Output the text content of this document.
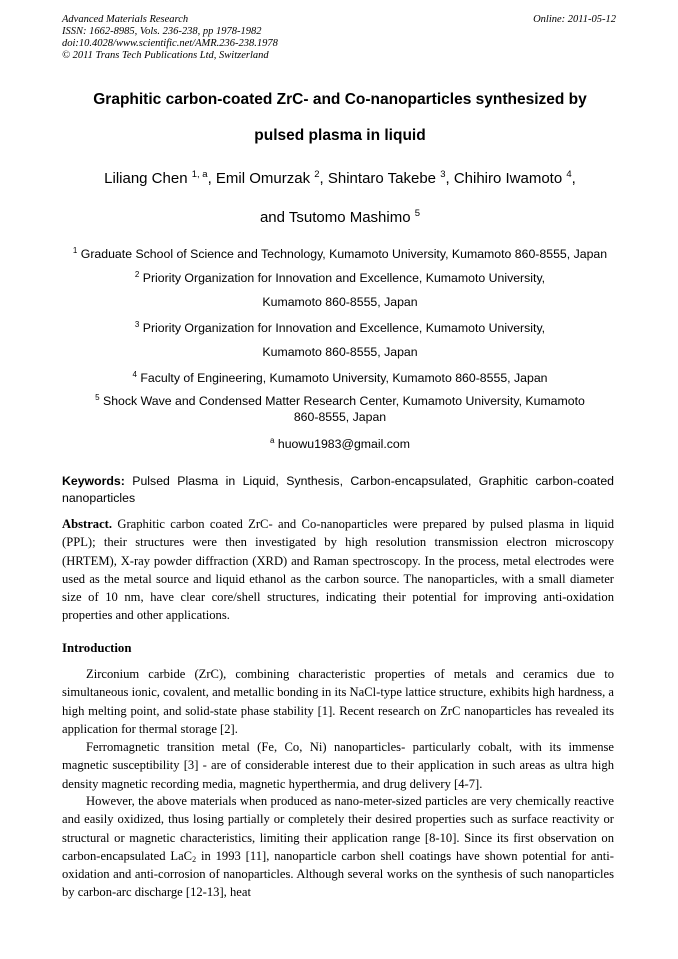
Advanced Materials Research
ISSN: 1662-8985, Vols. 236-238, pp 1978-1982
doi:10.4028/www.scientific.net/AMR.236-238.1978
© 2011 Trans Tech Publications Ltd, Switzerland
Online: 2011-05-12
Graphitic carbon-coated ZrC- and Co-nanoparticles synthesized by
pulsed plasma in liquid
Liliang Chen $^{1, a}$, Emil Omurzak $^2$, Shintaro Takebe $^3$, Chihiro Iwamoto $^4$,
and Tsutomo Mashimo $^5$
$^1$ Graduate School of Science and Technology, Kumamoto University, Kumamoto 860-8555, Japan
$^2$ Priority Organization for Innovation and Excellence, Kumamoto University,
Kumamoto 860-8555, Japan
$^3$ Priority Organization for Innovation and Excellence, Kumamoto University,
Kumamoto 860-8555, Japan
$^4$ Faculty of Engineering, Kumamoto University, Kumamoto 860-8555, Japan
$^5$ Shock Wave and Condensed Matter Research Center, Kumamoto University, Kumamoto
860-8555, Japan
$^a$ huowu1983@gmail.com
Keywords: Pulsed Plasma in Liquid, Synthesis, Carbon-encapsulated, Graphitic carbon-coated nanoparticles
Abstract. Graphitic carbon coated ZrC- and Co-nanoparticles were prepared by pulsed plasma in liquid (PPL); their structures were then investigated by high resolution transmission electron microscopy (HRTEM), X-ray powder diffraction (XRD) and Raman spectroscopy. In the process, metal electrodes were used as the metal source and liquid ethanol as the carbon source. The nanoparticles, with a small diameter size of 10 nm, have clear core/shell structures, indicating their potential for improving anti-oxidation properties and other applications.
Introduction
Zirconium carbide (ZrC), combining characteristic properties of metals and ceramics due to simultaneous ionic, covalent, and metallic bonding in its NaCl-type lattice structure, exhibits high hardness, a high melting point, and solid-state phase stability [1]. Recent research on ZrC nanoparticles has revealed its application for thermal storage [2].
Ferromagnetic transition metal (Fe, Co, Ni) nanoparticles- particularly cobalt, with its immense magnetic susceptibility [3] - are of considerable interest due to their application in such areas as ultra high density magnetic recording media, magnetic hyperthermia, and drug delivery [4-7].
However, the above materials when produced as nano-meter-sized particles are very chemically reactive and easily oxidized, thus losing partially or completely their desired properties such as surface reactivity or structural or magnetic characteristics, limiting their application range [8-10]. Since its first observation on carbon-encapsulated LaC$_2$ in 1993 [11], nanoparticle carbon shell coatings have shown potential for anti-oxidation and anti-corrosion of nanoparticles. Although several works on the synthesis of such nanoparticles by carbon-arc discharge [12-13], heat
